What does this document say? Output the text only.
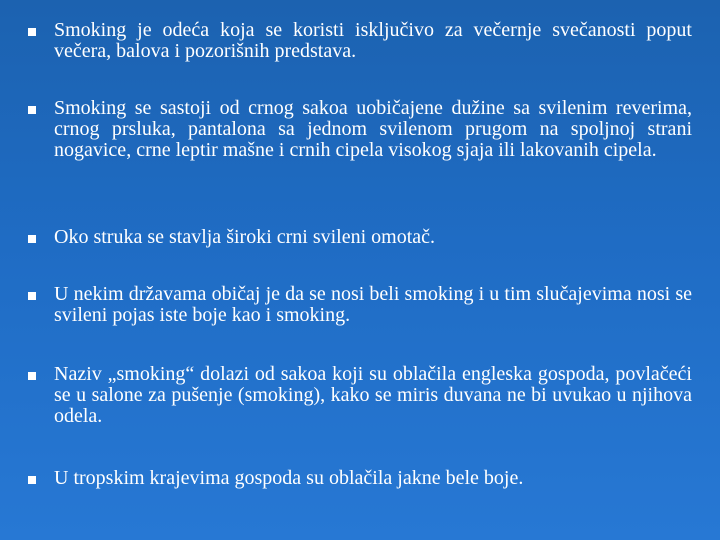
Smoking je odeća koja se koristi isključivo za večernje svečanosti poput večera, balova i pozorišnih predstava.
Smoking se sastoji od crnog sakoa uobičajene dužine sa svilenim reverima, crnog prsluka, pantalona sa jednom svilenom prugom na spoljnoj strani nogavice, crne leptir mašne i crnih cipela visokog sjaja ili lakovanih cipela.
Oko struka se stavlja široki crni svileni omotač.
U nekim državama običaj je da se nosi beli smoking i u tim slučajevima nosi se svileni pojas iste boje kao i smoking.
Naziv „smoking“ dolazi od sakoa koji su oblačila engleska gospoda, povlačeći se u salone za pušenje (smoking), kako se miris duvana ne bi uvukao u njihova odela.
U tropskim krajevima gospoda su oblačila jakne bele boje.
